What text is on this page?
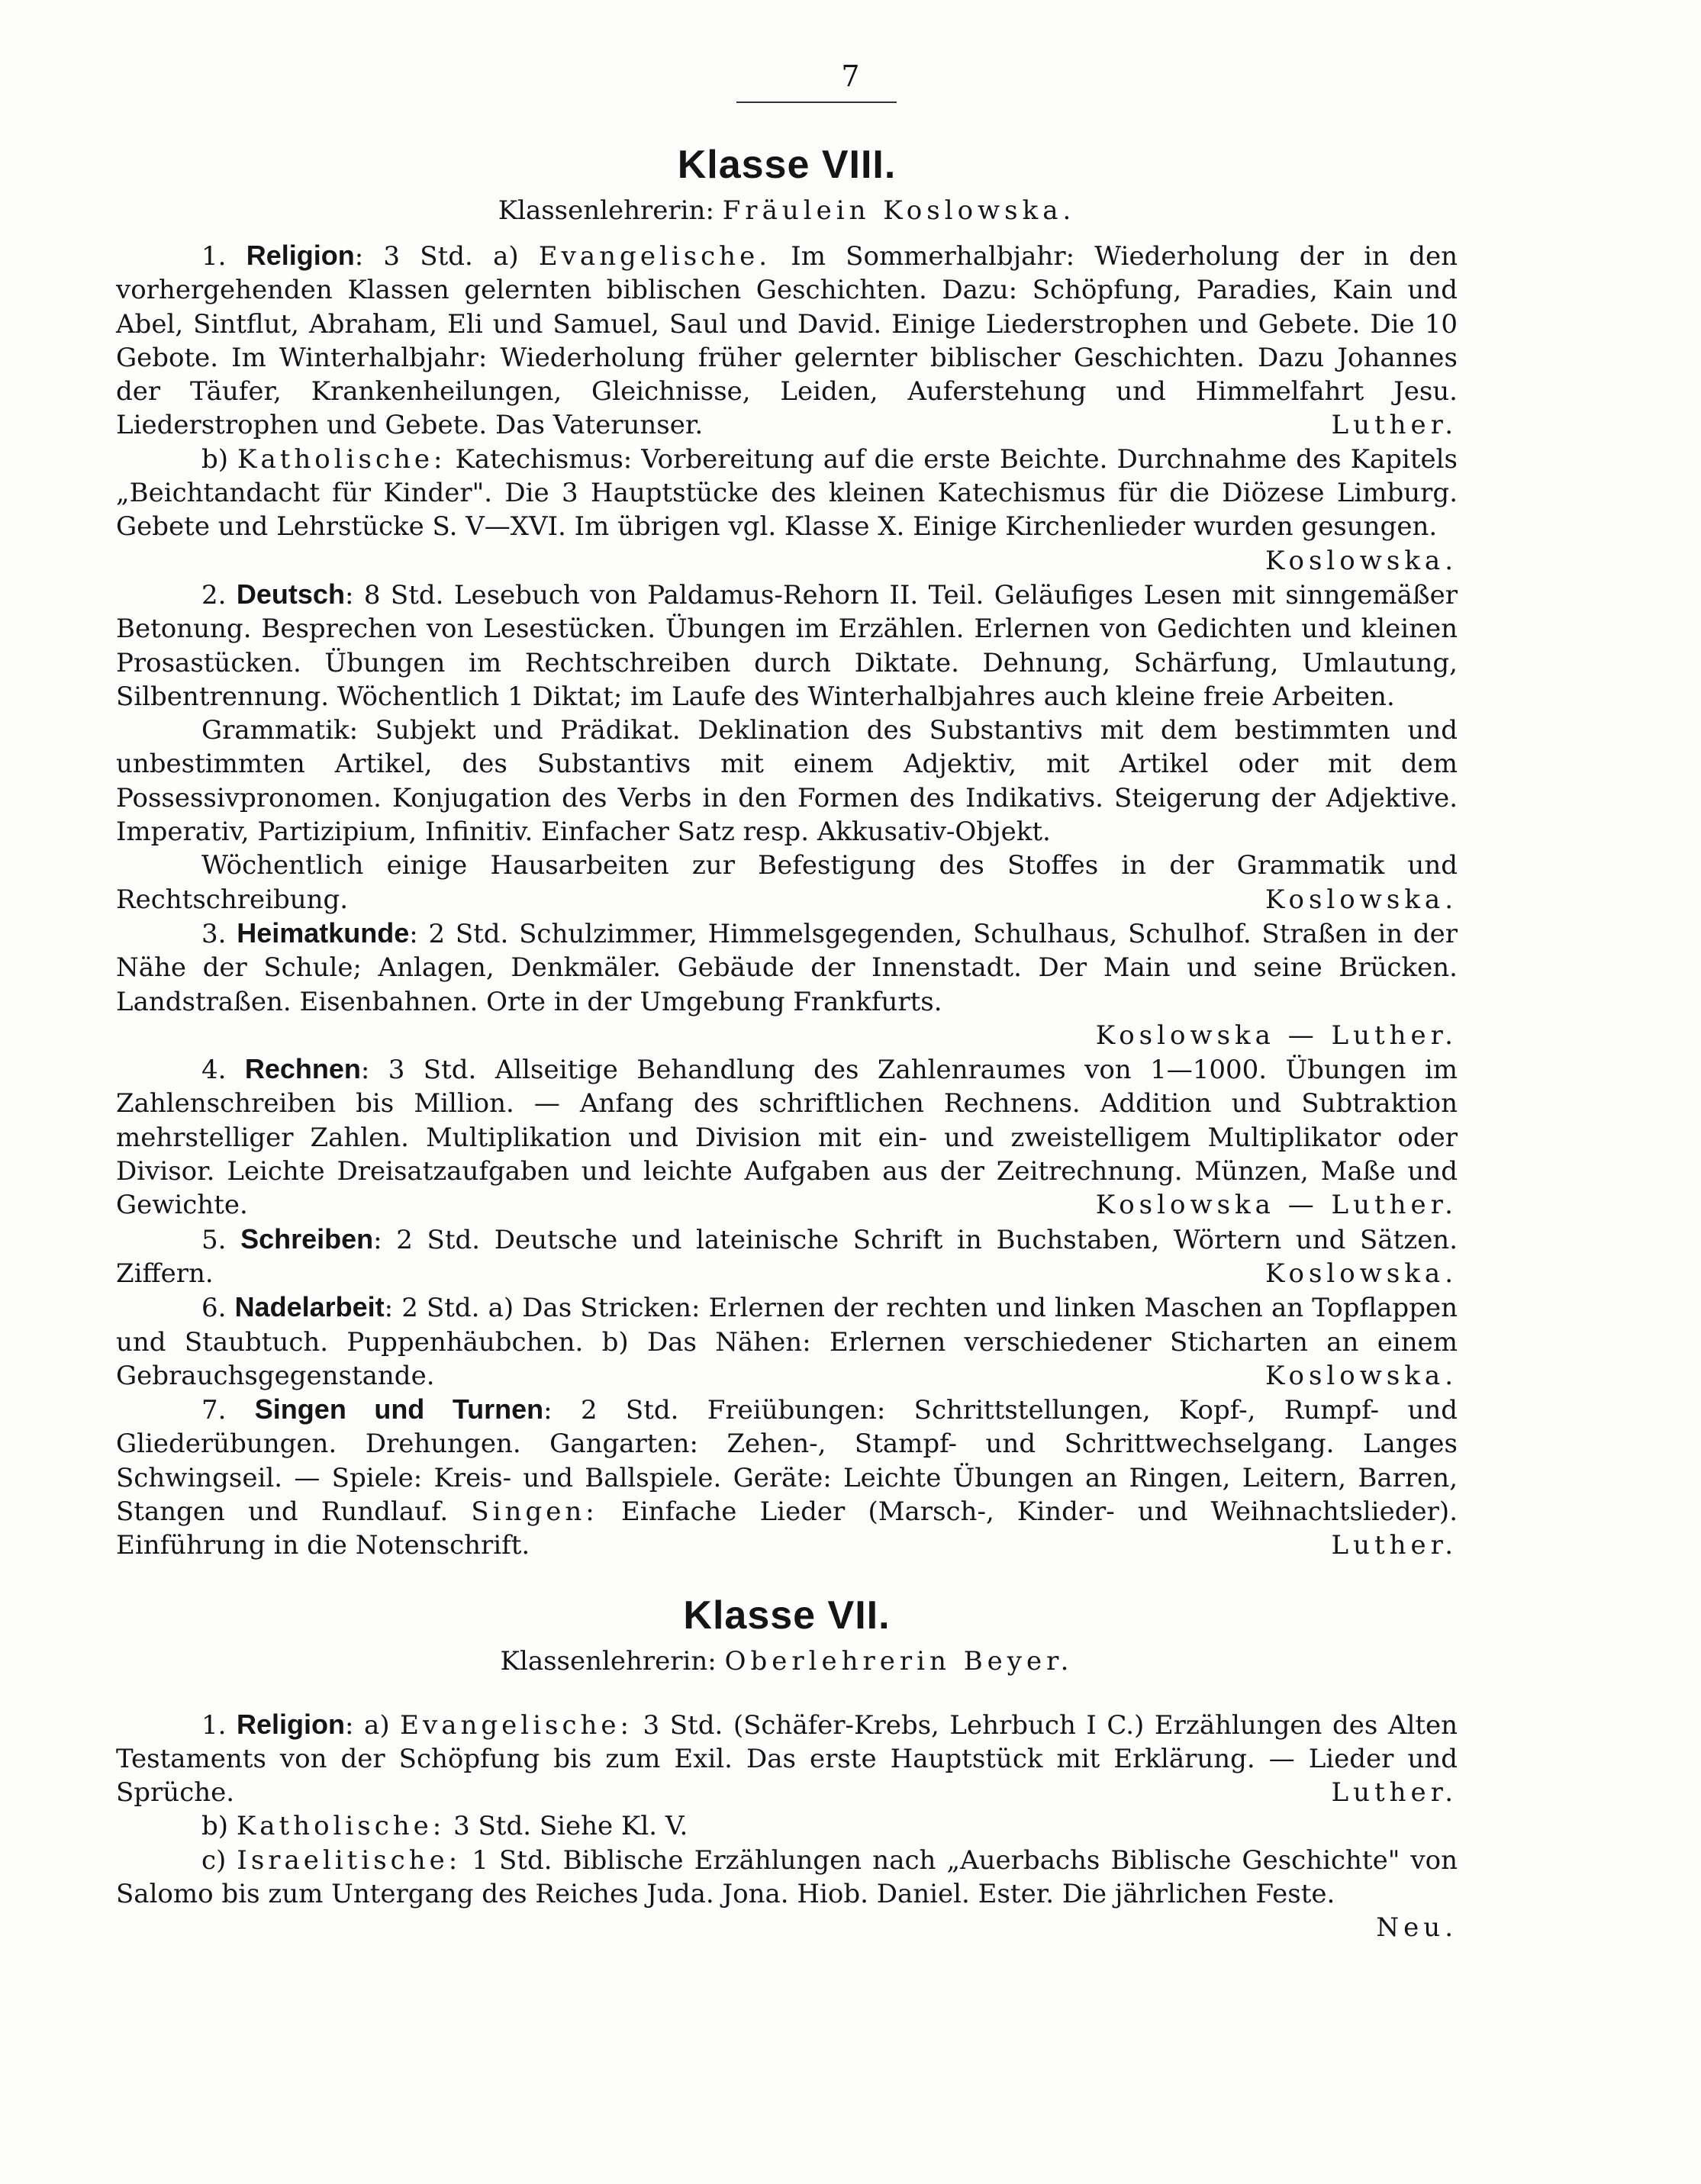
7
Klasse VIII.
Klassenlehrerin: Fräulein Koslowska.

1. Religion: 3 Std. a) Evangelische. Im Sommerhalbjahr: Wiederholung der in den vorhergehenden Klassen gelernten biblischen Geschichten. Dazu: Schöpfung, Paradies, Kain und Abel, Sintflut, Abraham, Eli und Samuel, Saul und David. Einige Liederstrophen und Gebete. Die 10 Gebote. Im Winterhalbjahr: Wiederholung früher gelernter biblischer Geschichten. Dazu Johannes der Täufer, Krankenheilungen, Gleichnisse, Leiden, Auferstehung und Himmelfahrt Jesu. Liederstrophen und Gebete. Das Vaterunser.	Luther.

b) Katholische: Katechismus: Vorbereitung auf die erste Beichte. Durchnahme des Kapitels „Beichtandacht für Kinder". Die 3 Hauptstücke des kleinen Katechismus für die Diözese Limburg. Gebete und Lehrstücke S. V—XVI. Im übrigen vgl. Klasse X. Einige Kirchenlieder wurden gesungen.
Koslowska.

2. Deutsch: 8 Std. Lesebuch von Paldamus-Rehorn II. Teil. Geläufiges Lesen mit sinngemäßer Betonung. Besprechen von Lesestücken. Übungen im Erzählen. Erlernen von Gedichten und kleinen Prosastücken. Übungen im Rechtschreiben durch Diktate. Dehnung, Schärfung, Umlautung, Silbentrennung. Wöchentlich 1 Diktat; im Laufe des Winterhalbjahres auch kleine freie Arbeiten.

Grammatik: Subjekt und Prädikat. Deklination des Substantivs mit dem bestimmten und unbestimmten Artikel, des Substantivs mit einem Adjektiv, mit Artikel oder mit dem Possessivpronomen. Konjugation des Verbs in den Formen des Indikativs. Steigerung der Adjektive. Imperativ, Partizipium, Infinitiv. Einfacher Satz resp. Akkusativ-Objekt.

Wöchentlich einige Hausarbeiten zur Befestigung des Stoffes in der Grammatik und Rechtschreibung.	Koslowska.

3. Heimatkunde: 2 Std. Schulzimmer, Himmelsgegenden, Schulhaus, Schulhof. Straßen in der Nähe der Schule; Anlagen, Denkmäler. Gebäude der Innenstadt. Der Main und seine Brücken. Landstraßen. Eisenbahnen. Orte in der Umgebung Frankfurts.
Koslowska — Luther.

4. Rechnen: 3 Std. Allseitige Behandlung des Zahlenraumes von 1—1000. Übungen im Zahlenschreiben bis Million. — Anfang des schriftlichen Rechnens. Addition und Subtraktion mehrstelliger Zahlen. Multiplikation und Division mit ein- und zweistelligem Multiplikator oder Divisor. Leichte Dreisatzaufgaben und leichte Aufgaben aus der Zeitrechnung. Münzen, Maße und Gewichte.	Koslowska — Luther.

5. Schreiben: 2 Std. Deutsche und lateinische Schrift in Buchstaben, Wörtern und Sätzen. Ziffern.	Koslowska.

6. Nadelarbeit: 2 Std. a) Das Stricken: Erlernen der rechten und linken Maschen an Topflappen und Staubtuch. Puppenhäubchen. b) Das Nähen: Erlernen verschiedener Sticharten an einem Gebrauchsgegenstande.	Koslowska.

7. Singen und Turnen: 2 Std. Freiübungen: Schrittstellungen, Kopf-, Rumpf- und Gliederübungen. Drehungen. Gangarten: Zehen-, Stampf- und Schrittwechselgang. Langes Schwingseil. — Spiele: Kreis- und Ballspiele. Geräte: Leichte Übungen an Ringen, Leitern, Barren, Stangen und Rundlauf. Singen: Einfache Lieder (Marsch-, Kinder- und Weihnachtslieder). Einführung in die Notenschrift.	Luther.

Klasse VII.
Klassenlehrerin: Oberlehrerin Beyer.

1. Religion: a) Evangelische: 3 Std. (Schäfer-Krebs, Lehrbuch I C.) Erzählungen des Alten Testaments von der Schöpfung bis zum Exil. Das erste Hauptstück mit Erklärung. — Lieder und Sprüche.	Luther.

b) Katholische: 3 Std. Siehe Kl. V.

c) Israelitische: 1 Std. Biblische Erzählungen nach „Auerbachs Biblische Geschichte" von Salomo bis zum Untergang des Reiches Juda. Jona. Hiob. Daniel. Ester. Die jährlichen Feste.
Neu.
